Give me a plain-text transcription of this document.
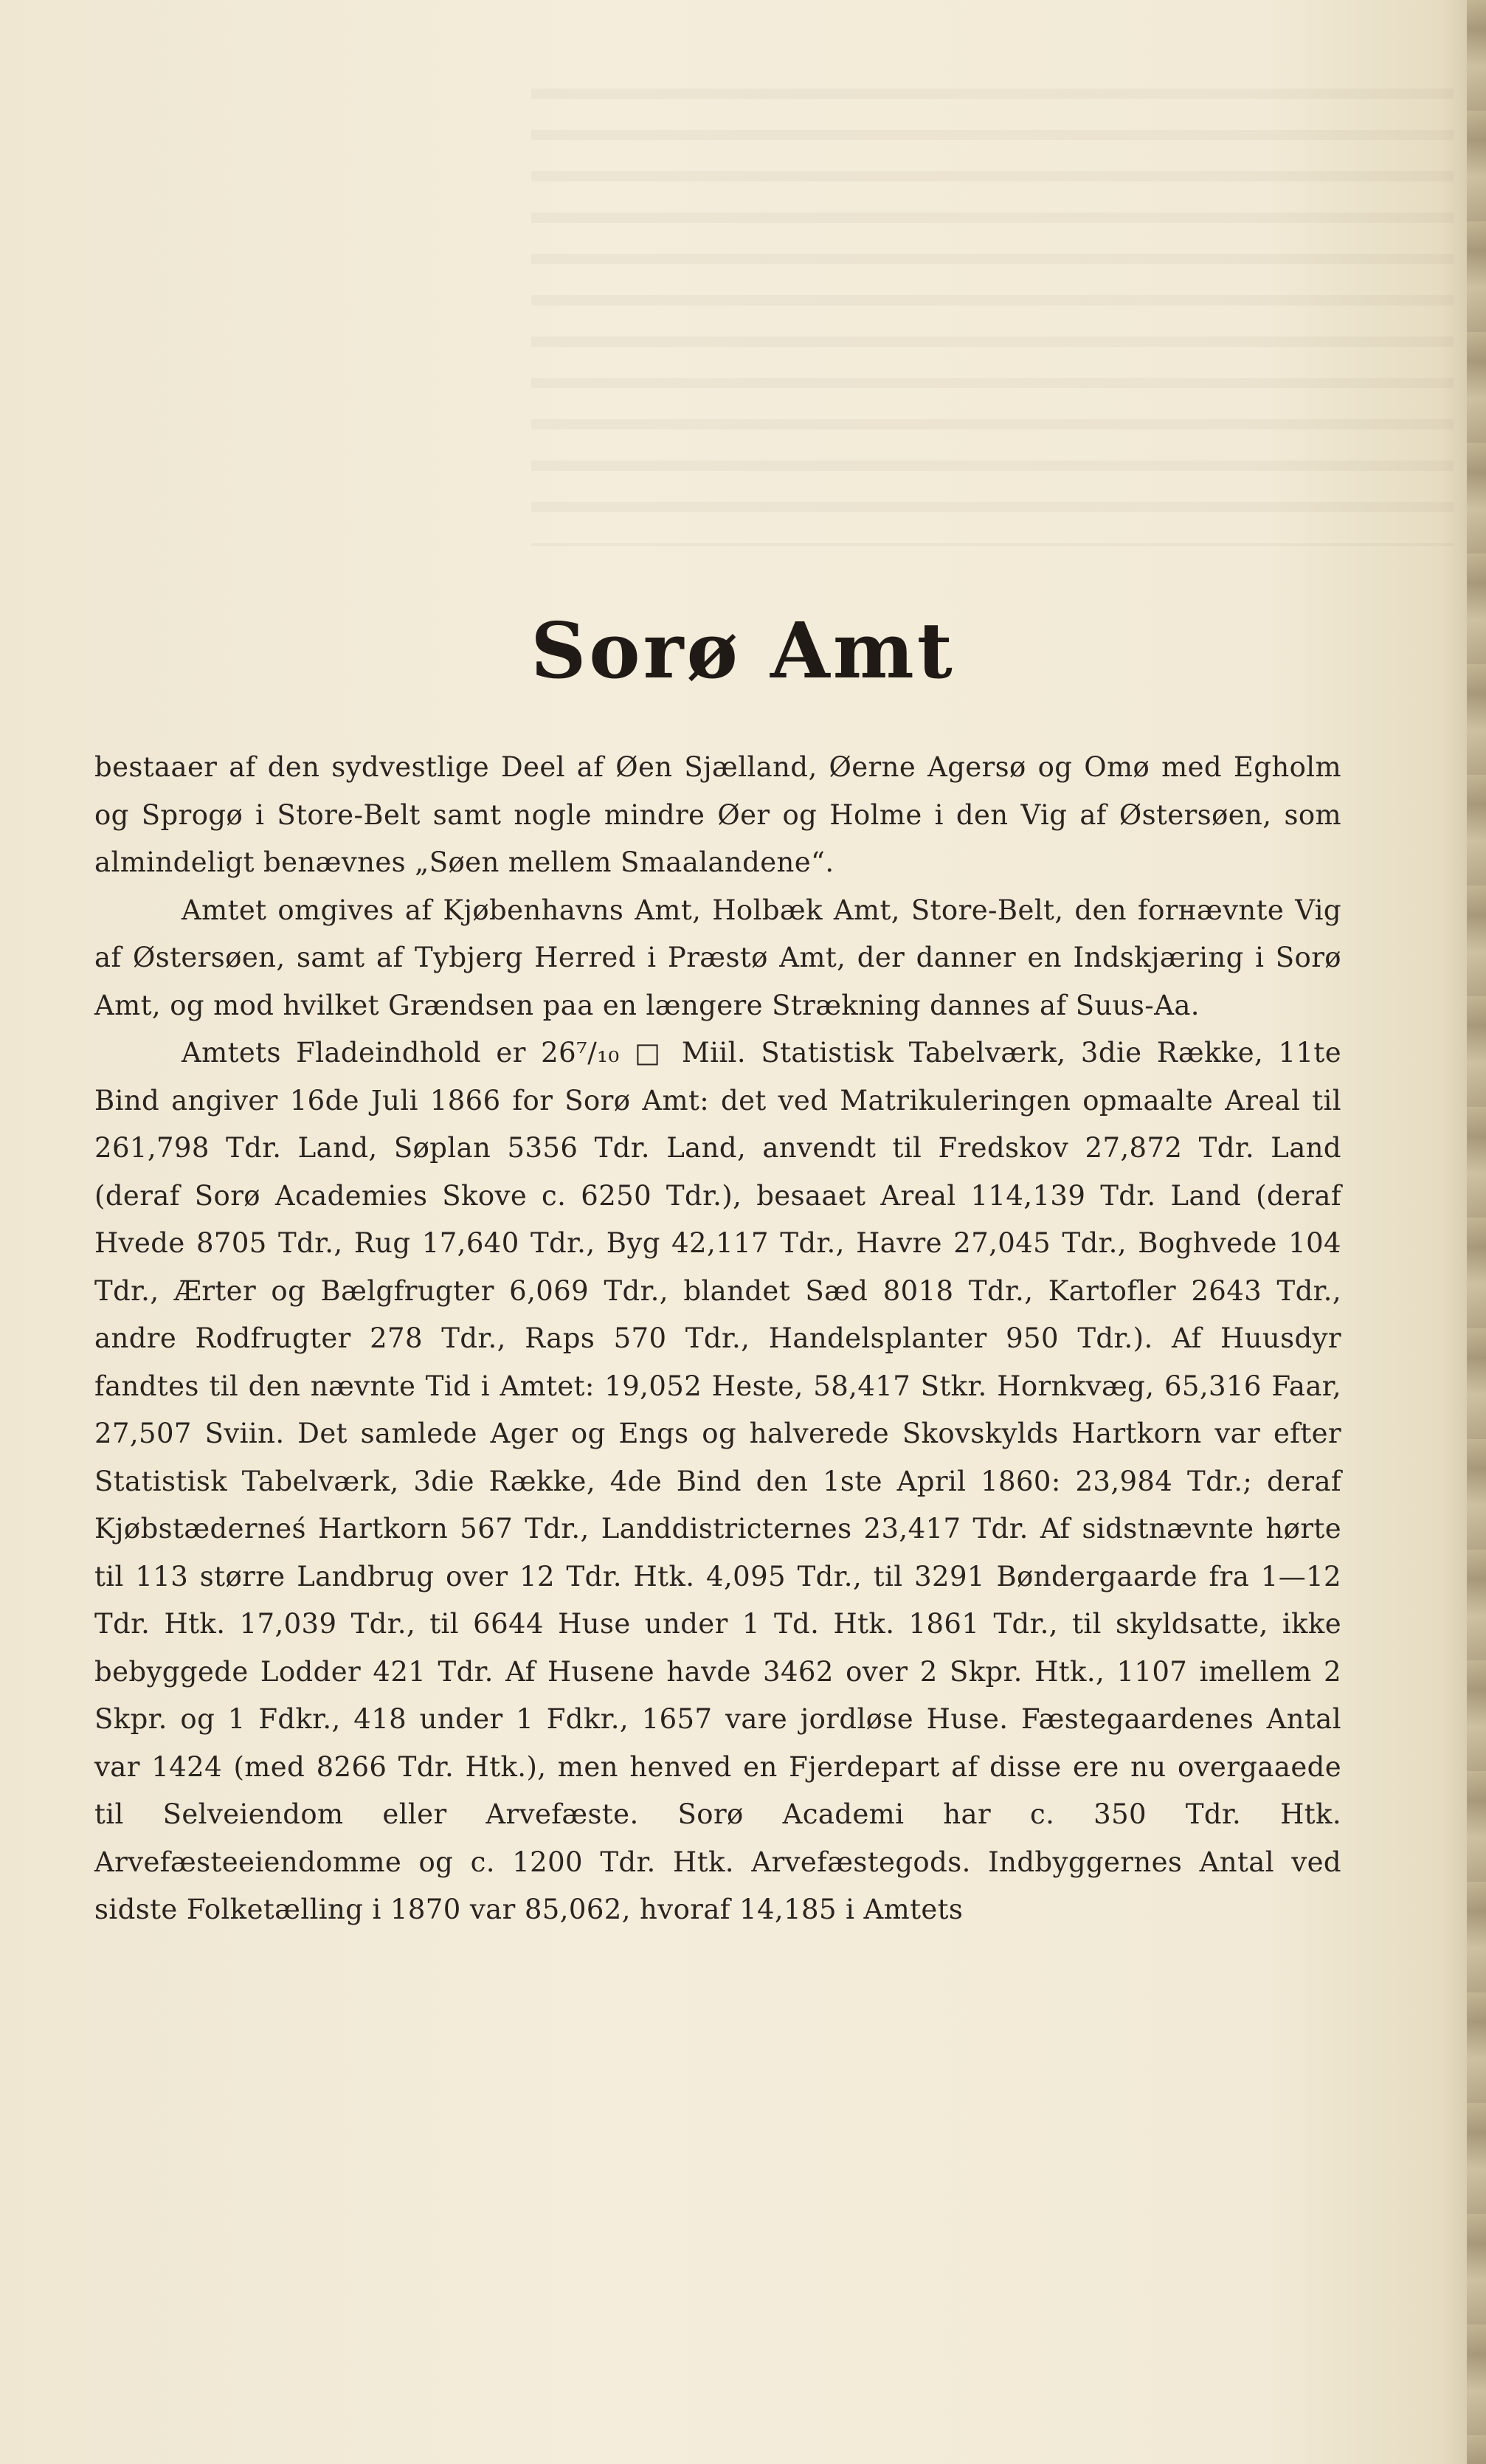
Sorø Amt

bestaaer af den sydvestlige Deel af Øen Sjælland, Øerne Agersø og Omø med Egholm og Sprogø i Store-Belt samt nogle mindre Øer og Holme i den Vig af Østersøen, som almindeligt benævnes „Søen mellem Smaalandene“.

Amtet omgives af Kjøbenhavns Amt, Holbæk Amt, Store-Belt, den forнævnte Vig af Østersøen, samt af Tybjerg Herred i Præstø Amt, der danner en Indskjæring i Sorø Amt, og mod hvilket Grændsen paa en længere Strækning dannes af Suus-Aa.

Amtets Fladeindhold er 26⁷/₁₀ □ Miil. Statistisk Tabelværk, 3die Række, 11te Bind angiver 16de Juli 1866 for Sorø Amt: det ved Matrikuleringen opmaalte Areal til 261,798 Tdr. Land, Søplan 5356 Tdr. Land, anvendt til Fredskov 27,872 Tdr. Land (deraf Sorø Academies Skove c. 6250 Tdr.), besaaet Areal 114,139 Tdr. Land (deraf Hvede 8705 Tdr., Rug 17,640 Tdr., Byg 42,117 Tdr., Havre 27,045 Tdr., Boghvede 104 Tdr., Ærter og Bælgfrugter 6,069 Tdr., blandet Sæd 8018 Tdr., Kartofler 2643 Tdr., andre Rodfrugter 278 Tdr., Raps 570 Tdr., Handelsplanter 950 Tdr.). Af Huusdyr fandtes til den nævnte Tid i Amtet: 19,052 Heste, 58,417 Stkr. Hornkvæg, 65,316 Faar, 27,507 Sviin. Det samlede Ager og Engs og halverede Skovskylds Hartkorn var efter Statistisk Tabelværk, 3die Række, 4de Bind den 1ste April 1860: 23,984 Tdr.; deraf Kjøbstæderneś Hartkorn 567 Tdr., Landdistricternes 23,417 Tdr. Af sidstnævnte hørte til 113 større Landbrug over 12 Tdr. Htk. 4,095 Tdr., til 3291 Bøndergaarde fra 1—12 Tdr. Htk. 17,039 Tdr., til 6644 Huse under 1 Td. Htk. 1861 Tdr., til skyldsatte, ikke bebyggede Lodder 421 Tdr. Af Husene havde 3462 over 2 Skpr. Htk., 1107 imellem 2 Skpr. og 1 Fdkr., 418 under 1 Fdkr., 1657 vare jordløse Huse. Fæstegaardenes Antal var 1424 (med 8266 Tdr. Htk.), men henved en Fjerdepart af disse ere nu overgaaede til Selveiendom eller Arvefæste. Sorø Academi har c. 350 Tdr. Htk. Arvefæsteeiendomme og c. 1200 Tdr. Htk. Arvefæstegods. Indbyggernes Antal ved sidste Folketælling i 1870 var 85,062, hvoraf 14,185 i Amtets
